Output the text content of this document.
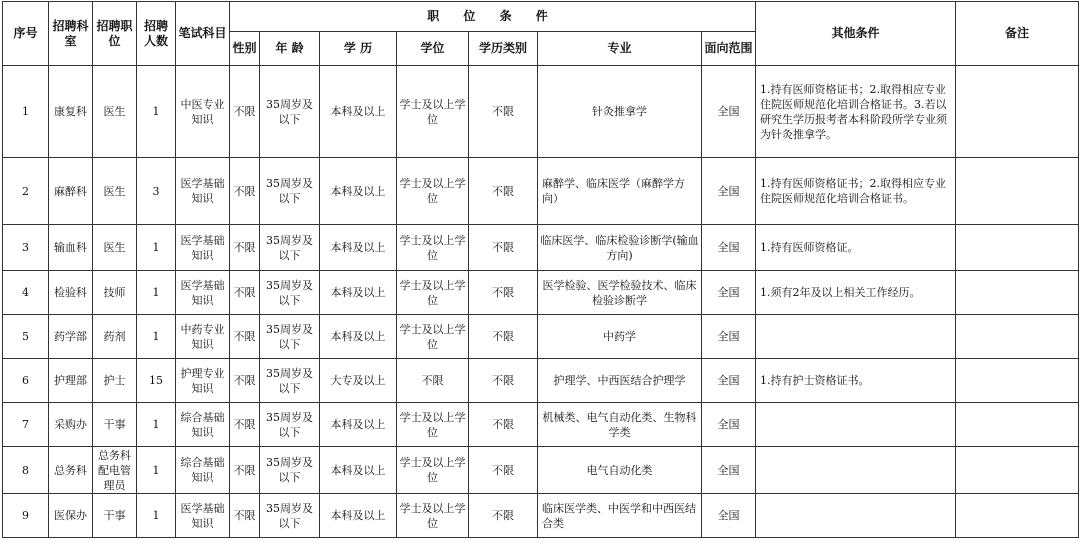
序号	招聘科室	招聘职位	招聘人数	笔试科目	职 位 条 件							其他条件	备注
					性别	年 龄	学 历	学位	学历类别	专业	面向范围		
1	康复科	医生	1	中医专业知识	不限	35周岁及以下	本科及以上	学士及以上学位	不限	针灸推拿学	全国	1.持有医师资格证书；2.取得相应专业住院医师规范化培训合格证书。3.若以研究生学历报考者本科阶段所学专业须为针灸推拿学。	
2	麻醉科	医生	3	医学基础知识	不限	35周岁及以下	本科及以上	学士及以上学位	不限	麻醉学、临床医学（麻醉学方向）	全国	1.持有医师资格证书；2.取得相应专业住院医师规范化培训合格证书。	
3	输血科	医生	1	医学基础知识	不限	35周岁及以下	本科及以上	学士及以上学位	不限	临床医学、临床检验诊断学(输血方向)	全国	1.持有医师资格证。	
4	检验科	技师	1	医学基础知识	不限	35周岁及以下	本科及以上	学士及以上学位	不限	医学检验、医学检验技术、临床检验诊断学	全国	1.须有2年及以上相关工作经历。	
5	药学部	药剂	1	中药专业知识	不限	35周岁及以下	本科及以上	学士及以上学位	不限	中药学	全国		
6	护理部	护士	15	护理专业知识	不限	35周岁及以下	大专及以上	不限	不限	护理学、中西医结合护理学	全国	1.持有护士资格证书。	
7	采购办	干事	1	综合基础知识	不限	35周岁及以下	本科及以上	学士及以上学位	不限	机械类、电气自动化类、生物科学类	全国		
8	总务科	总务科配电管理员	1	综合基础知识	不限	35周岁及以下	本科及以上	学士及以上学位	不限	电气自动化类	全国		
9	医保办	干事	1	医学基础知识	不限	35周岁及以下	本科及以上	学士及以上学位	不限	临床医学类、中医学和中西医结合类	全国		
